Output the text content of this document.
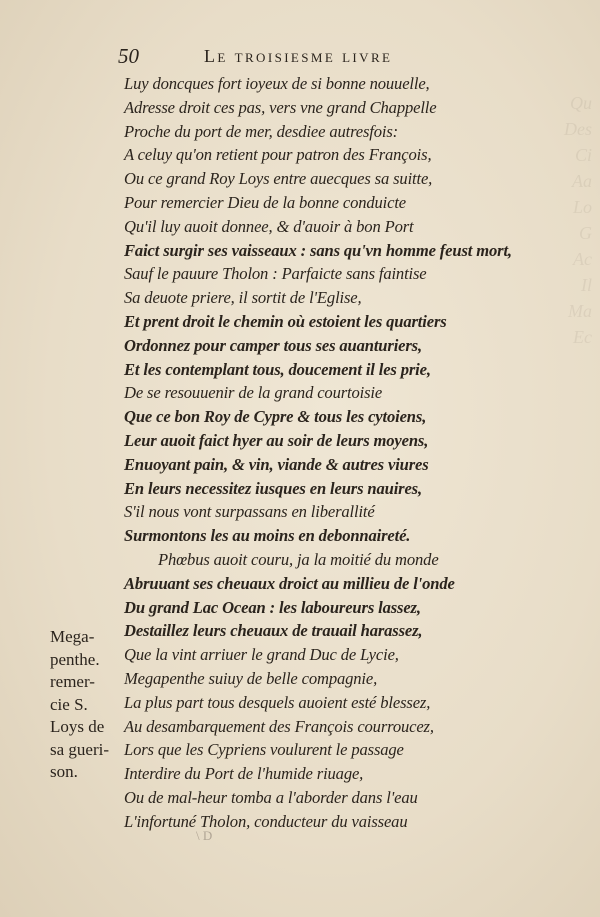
Qu
Des
Ci
Aa
Lo
G
Ac
Il
Ma
Ec
50	Le troisiesme livre
Luy doncques fort ioyeux de si bonne nouuelle,
Adresse droit ces pas, vers vne grand Chappelle
Proche du port de mer, desdiee autresfois:
A celuy qu'on retient pour patron des François,
Ou ce grand Roy Loys entre auecques sa suitte,
Pour remercier Dieu de la bonne conduicte
Qu'il luy auoit donnee, & d'auoir à bon Port
Faict surgir ses vaisseaux : sans qu'vn homme feust mort,
Sauf le pauure Tholon : Parfaicte sans faintise
Sa deuote priere, il sortit de l'Eglise,
Et prent droit le chemin où estoient les quartiers
Ordonnez pour camper tous ses auanturiers,
Et les contemplant tous, doucement il les prie,
De se resouuenir de la grand courtoisie
Que ce bon Roy de Cypre & tous les cytoiens,
Leur auoit faict hyer au soir de leurs moyens,
Enuoyant pain, & vin, viande & autres viures
En leurs necessitez iusques en leurs nauires,
S'il nous vont surpassans en liberallité
Surmontons les au moins en debonnaireté.
Phœbus auoit couru, ja la moitié du monde
Abruuant ses cheuaux droict au millieu de l'onde
Du grand Lac Ocean : les laboureurs lassez,
Destaillez leurs cheuaux de trauail harassez,
Que la vint arriuer le grand Duc de Lycie,
Megapenthe suiuy de belle compagnie,
La plus part tous desquels auoient esté blessez,
Au desambarquement des François courroucez,
Lors que les Cypriens voulurent le passage
Interdire du Port de l'humide riuage,
Ou de mal-heur tomba a l'aborder dans l'eau
L'infortuné Tholon, conducteur du vaisseau
Mega-
penthe.
remer-
cie S.
Loys de
sa gueri-
son.
\ D
